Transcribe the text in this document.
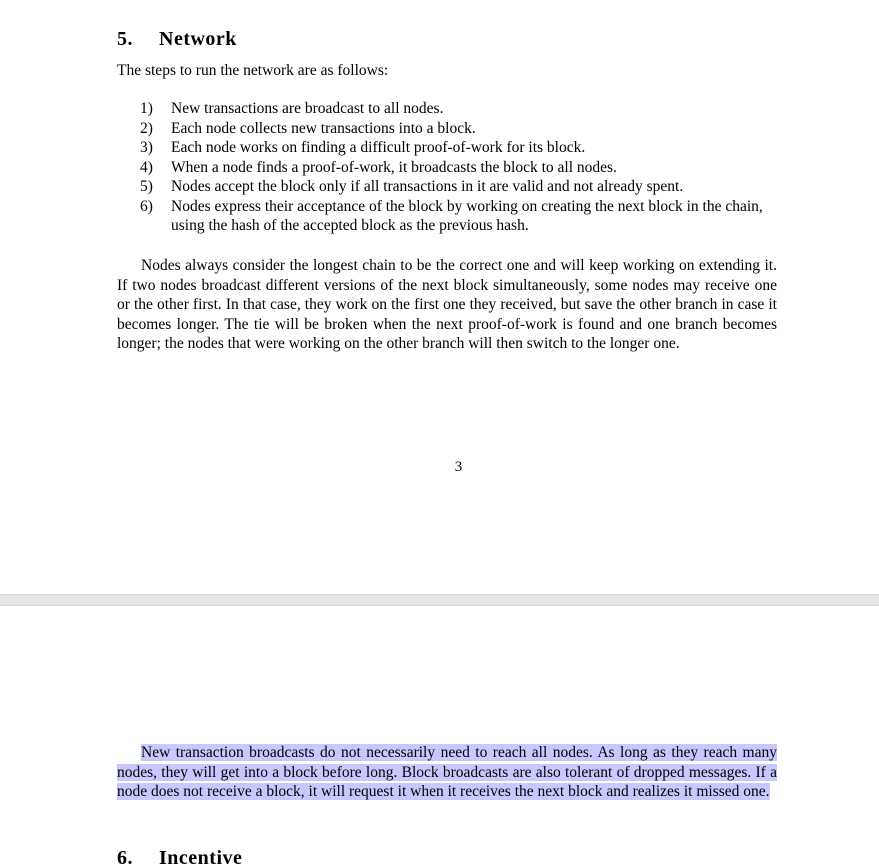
5. Network

The steps to run the network are as follows:

1) New transactions are broadcast to all nodes.
2) Each node collects new transactions into a block.
3) Each node works on finding a difficult proof-of-work for its block.
4) When a node finds a proof-of-work, it broadcasts the block to all nodes.
5) Nodes accept the block only if all transactions in it are valid and not already spent.
6) Nodes express their acceptance of the block by working on creating the next block in the chain, using the hash of the accepted block as the previous hash.

Nodes always consider the longest chain to be the correct one and will keep working on extending it. If two nodes broadcast different versions of the next block simultaneously, some nodes may receive one or the other first. In that case, they work on the first one they received, but save the other branch in case it becomes longer. The tie will be broken when the next proof-of-work is found and one branch becomes longer; the nodes that were working on the other branch will then switch to the longer one.

3

New transaction broadcasts do not necessarily need to reach all nodes. As long as they reach many nodes, they will get into a block before long. Block broadcasts are also tolerant of dropped messages. If a node does not receive a block, it will request it when it receives the next block and realizes it missed one.

6. Incentive
